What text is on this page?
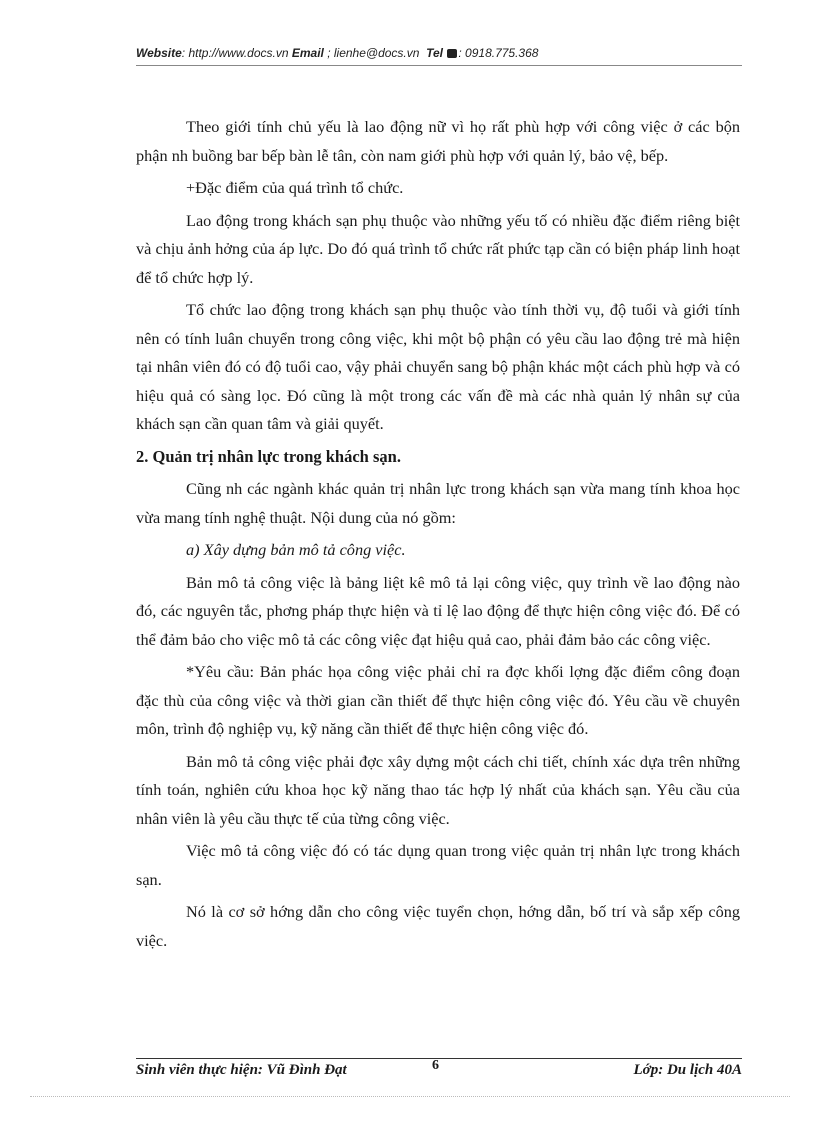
Website: http://www.docs.vn Email ; lienhe@docs.vn Tel : 0918.775.368

Theo giới tính chủ yếu là lao động nữ vì họ rất phù hợp với công việc ở các bộn phận nh buồng bar bếp bàn lễ tân, còn nam giới phù hợp với quản lý, bảo vệ, bếp.

+Đặc điểm của quá trình tổ chức.

Lao động trong khách sạn phụ thuộc vào những yếu tố có nhiều đặc điểm riêng biệt và chịu ảnh hởng của áp lực. Do đó quá trình tổ chức rất phức tạp cần có biện pháp linh hoạt để tổ chức hợp lý.

Tổ chức lao động trong khách sạn phụ thuộc vào tính thời vụ, độ tuổi và giới tính nên có tính luân chuyển trong công việc, khi một bộ phận có yêu cầu lao động trẻ mà hiện tại nhân viên đó có độ tuổi cao, vậy phải chuyển sang bộ phận khác một cách phù hợp và có hiệu quả có sàng lọc. Đó cũng là một trong các vấn đề mà các nhà quản lý nhân sự của khách sạn cần quan tâm và giải quyết.

2. Quản trị nhân lực trong khách sạn.

Cũng nh các ngành khác quản trị nhân lực trong khách sạn vừa mang tính khoa học vừa mang tính nghệ thuật. Nội dung của nó gồm:

a) Xây dựng bản mô tả công việc.

Bản mô tả công việc là bảng liệt kê mô tả lại công việc, quy trình về lao động nào đó, các nguyên tắc, phơng pháp thực hiện và tỉ lệ lao động để thực hiện công việc đó. Để có thể đảm bảo cho việc mô tả các công việc đạt hiệu quả cao, phải đảm bảo các công việc.

*Yêu cầu: Bản phác họa công việc phải chỉ ra đợc khối lợng đặc điểm công đoạn đặc thù của công việc và thời gian cần thiết để thực hiện công việc đó. Yêu cầu về chuyên môn, trình độ nghiệp vụ, kỹ năng cần thiết để thực hiện công việc đó.

Bản mô tả công việc phải đợc xây dựng một cách chi tiết, chính xác dựa trên những tính toán, nghiên cứu khoa học kỹ năng thao tác hợp lý nhất của khách sạn. Yêu cầu của nhân viên là yêu cầu thực tế của từng công việc.

Việc mô tả công việc đó có tác dụng quan trong việc quản trị nhân lực trong khách sạn.

Nó là cơ sở hớng dẫn cho công việc tuyển chọn, hớng dẫn, bố trí và sắp xếp công việc.

Sinh viên thực hiện: Vũ Đình Đạt	6	Lớp: Du lịch 40A
